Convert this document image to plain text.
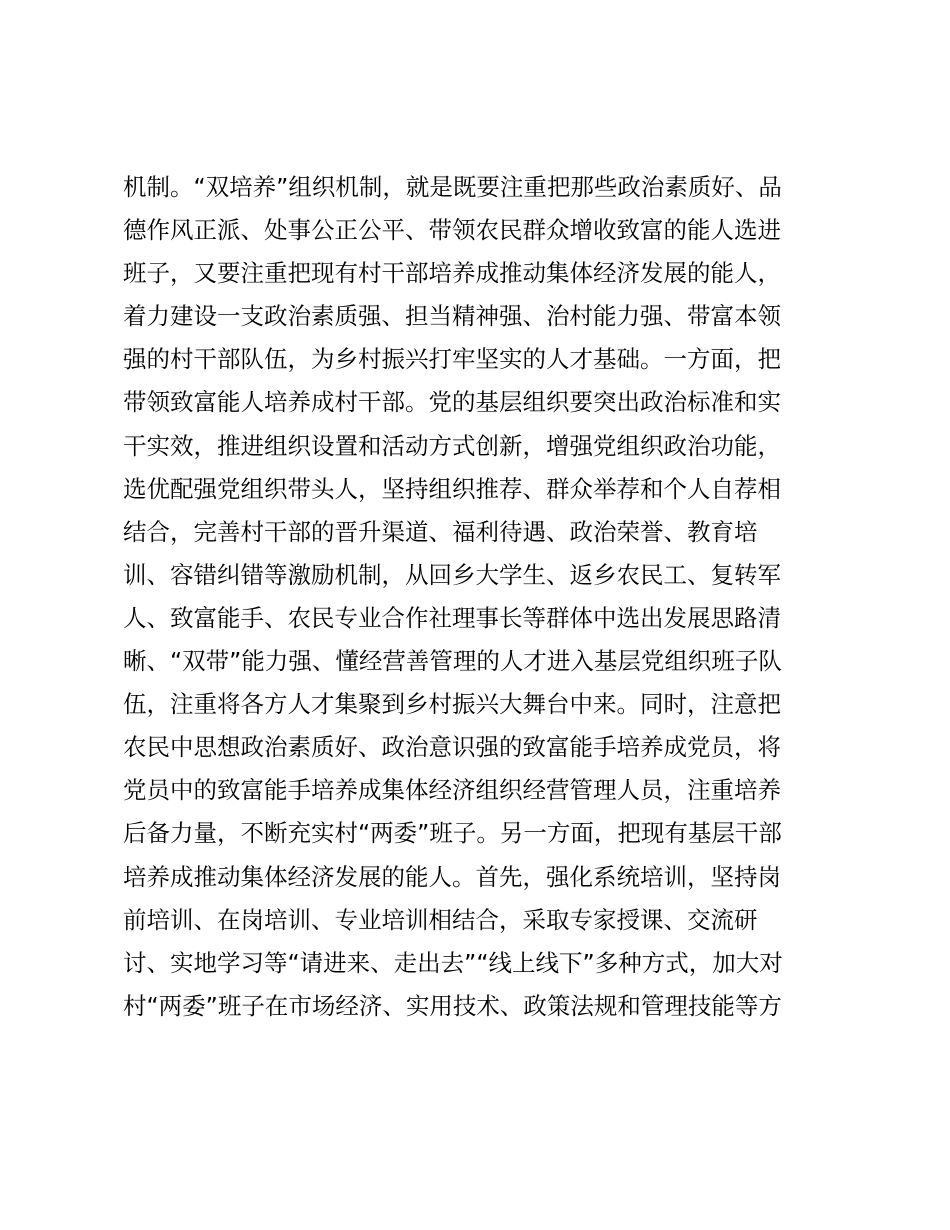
机制。“双培养”组织机制，就是既要注重把那些政治素质好、品
德作风正派、处事公正公平、带领农民群众增收致富的能人选进
班子，又要注重把现有村干部培养成推动集体经济发展的能人，
着力建设一支政治素质强、担当精神强、治村能力强、带富本领
强的村干部队伍，为乡村振兴打牢坚实的人才基础。一方面，把
带领致富能人培养成村干部。党的基层组织要突出政治标准和实
干实效，推进组织设置和活动方式创新，增强党组织政治功能，
选优配强党组织带头人，坚持组织推荐、群众举荐和个人自荐相
结合，完善村干部的晋升渠道、福利待遇、政治荣誉、教育培
训、容错纠错等激励机制，从回乡大学生、返乡农民工、复转军
人、致富能手、农民专业合作社理事长等群体中选出发展思路清
晰、“双带”能力强、懂经营善管理的人才进入基层党组织班子队
伍，注重将各方人才集聚到乡村振兴大舞台中来。同时，注意把
农民中思想政治素质好、政治意识强的致富能手培养成党员，将
党员中的致富能手培养成集体经济组织经营管理人员，注重培养
后备力量，不断充实村“两委”班子。另一方面，把现有基层干部
培养成推动集体经济发展的能人。首先，强化系统培训，坚持岗
前培训、在岗培训、专业培训相结合，采取专家授课、交流研
讨、实地学习等“请进来、走出去”“线上线下”多种方式，加大对
村“两委”班子在市场经济、实用技术、政策法规和管理技能等方
